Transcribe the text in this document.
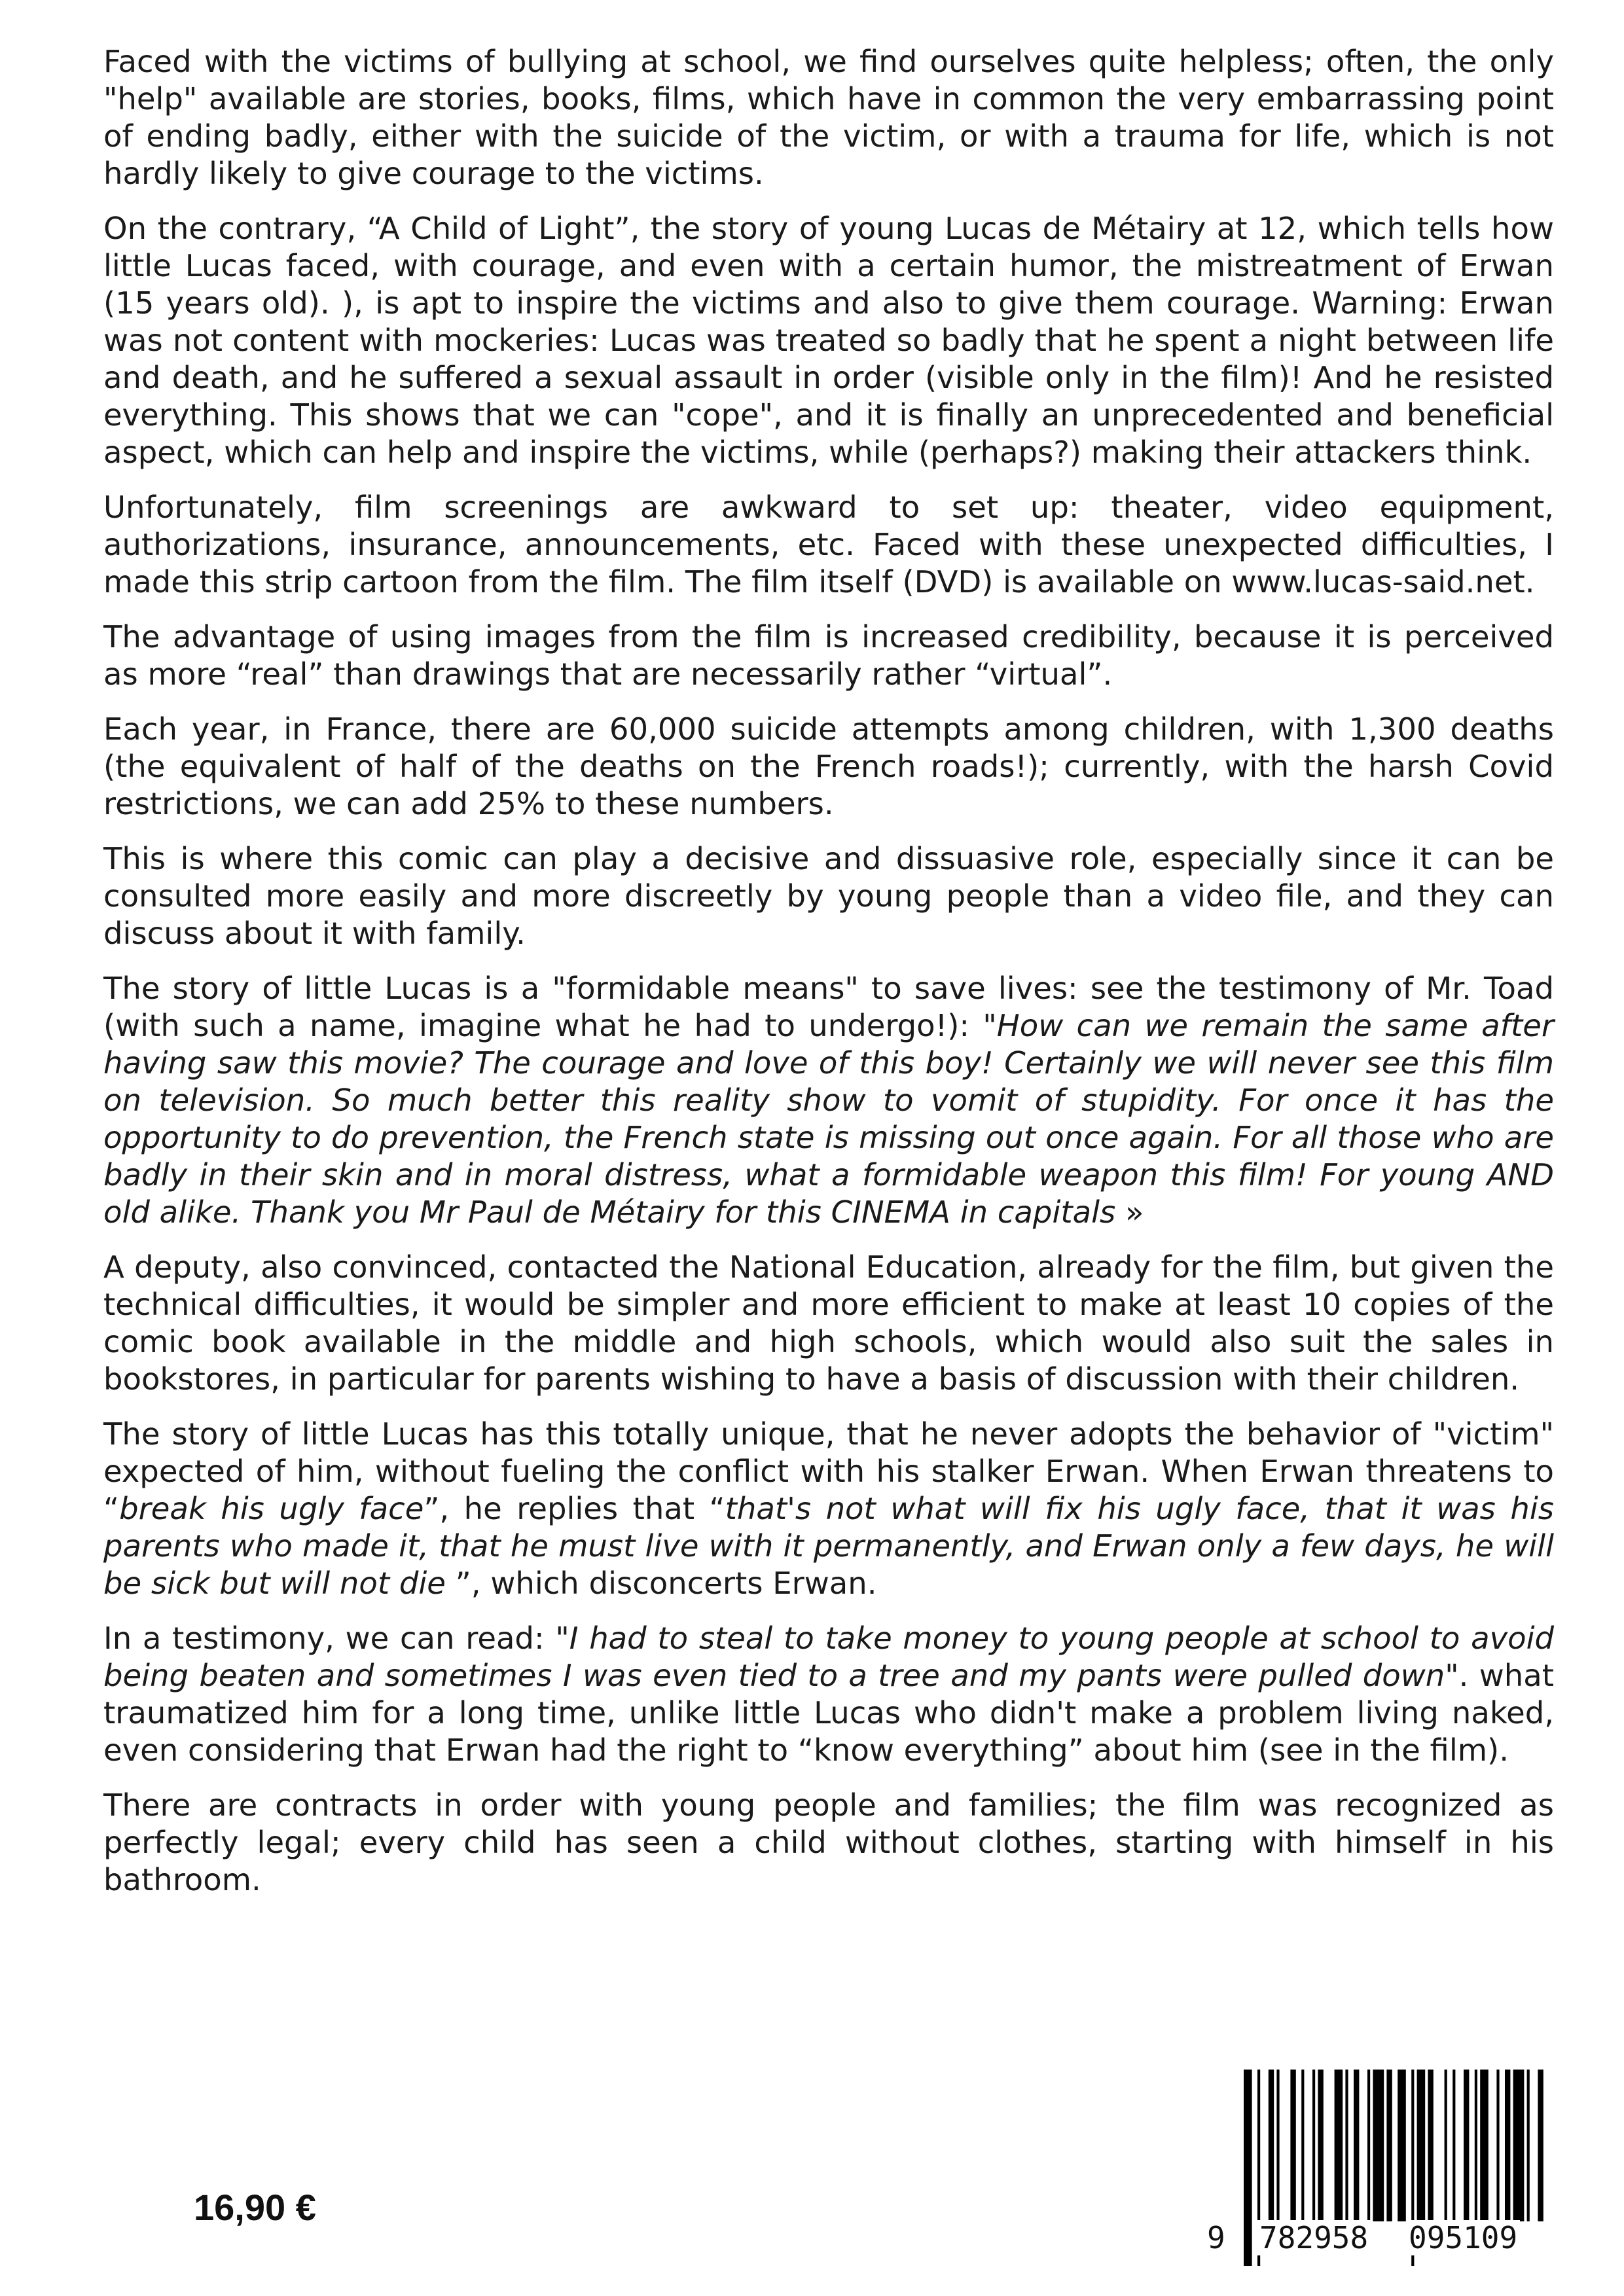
Faced with the victims of bullying at school, we find ourselves quite helpless; often, the only "help" available are stories, books, films, which have in common the very embarrassing point of ending badly, either with the suicide of the victim, or with a trauma for life, which is not hardly likely to give courage to the victims.

On the contrary, “A Child of Light”, the story of young Lucas de Métairy at 12, which tells how little Lucas faced, with courage, and even with a certain humor, the mistreatment of Erwan (15 years old). ), is apt to inspire the victims and also to give them courage. Warning: Erwan was not content with mockeries: Lucas was treated so badly that he spent a night between life and death, and he suffered a sexual assault in order (visible only in the film)! And he resisted everything. This shows that we can "cope", and it is finally an unprecedented and beneficial aspect, which can help and inspire the victims, while (perhaps?) making their attackers think.

Unfortunately, film screenings are awkward to set up: theater, video equipment, authorizations, insurance, announcements, etc. Faced with these unexpected difficulties, I made this strip cartoon from the film. The film itself (DVD) is available on www.lucas-said.net.

The advantage of using images from the film is increased credibility, because it is perceived as more “real” than drawings that are necessarily rather “virtual”.

Each year, in France, there are 60,000 suicide attempts among children, with 1,300 deaths (the equivalent of half of the deaths on the French roads!); currently, with the harsh Covid restrictions, we can add 25% to these numbers.

This is where this comic can play a decisive and dissuasive role, especially since it can be consulted more easily and more discreetly by young people than a video file, and they can discuss about it with family.

The story of little Lucas is a "formidable means" to save lives: see the testimony of Mr. Toad (with such a name, imagine what he had to undergo!): "How can we remain the same after having saw this movie? The courage and love of this boy! Certainly we will never see this film on television. So much better this reality show to vomit of stupidity. For once it has the opportunity to do prevention, the French state is missing out once again. For all those who are badly in their skin and in moral distress, what a formidable weapon this film! For young AND old alike. Thank you Mr Paul de Métairy for this CINEMA in capitals »

A deputy, also convinced, contacted the National Education, already for the film, but given the technical difficulties, it would be simpler and more efficient to make at least 10 copies of the comic book available in the middle and high schools, which would also suit the sales in bookstores, in particular for parents wishing to have a basis of discussion with their children.

The story of little Lucas has this totally unique, that he never adopts the behavior of "victim" expected of him, without fueling the conflict with his stalker Erwan. When Erwan threatens to “break his ugly face”, he replies that “that's not what will fix his ugly face, that it was his parents who made it, that he must live with it permanently, and Erwan only a few days, he will be sick but will not die ”, which disconcerts Erwan.

In a testimony, we can read: "I had to steal to take money to young people at school to avoid being beaten and sometimes I was even tied to a tree and my pants were pulled down". what traumatized him for a long time, unlike little Lucas who didn't make a problem living naked, even considering that Erwan had the right to “know everything” about him (see in the film).

There are contracts in order with young people and families; the film was recognized as perfectly legal; every child has seen a child without clothes, starting with himself in his bathroom.

16,90 €
9 782958 095109
